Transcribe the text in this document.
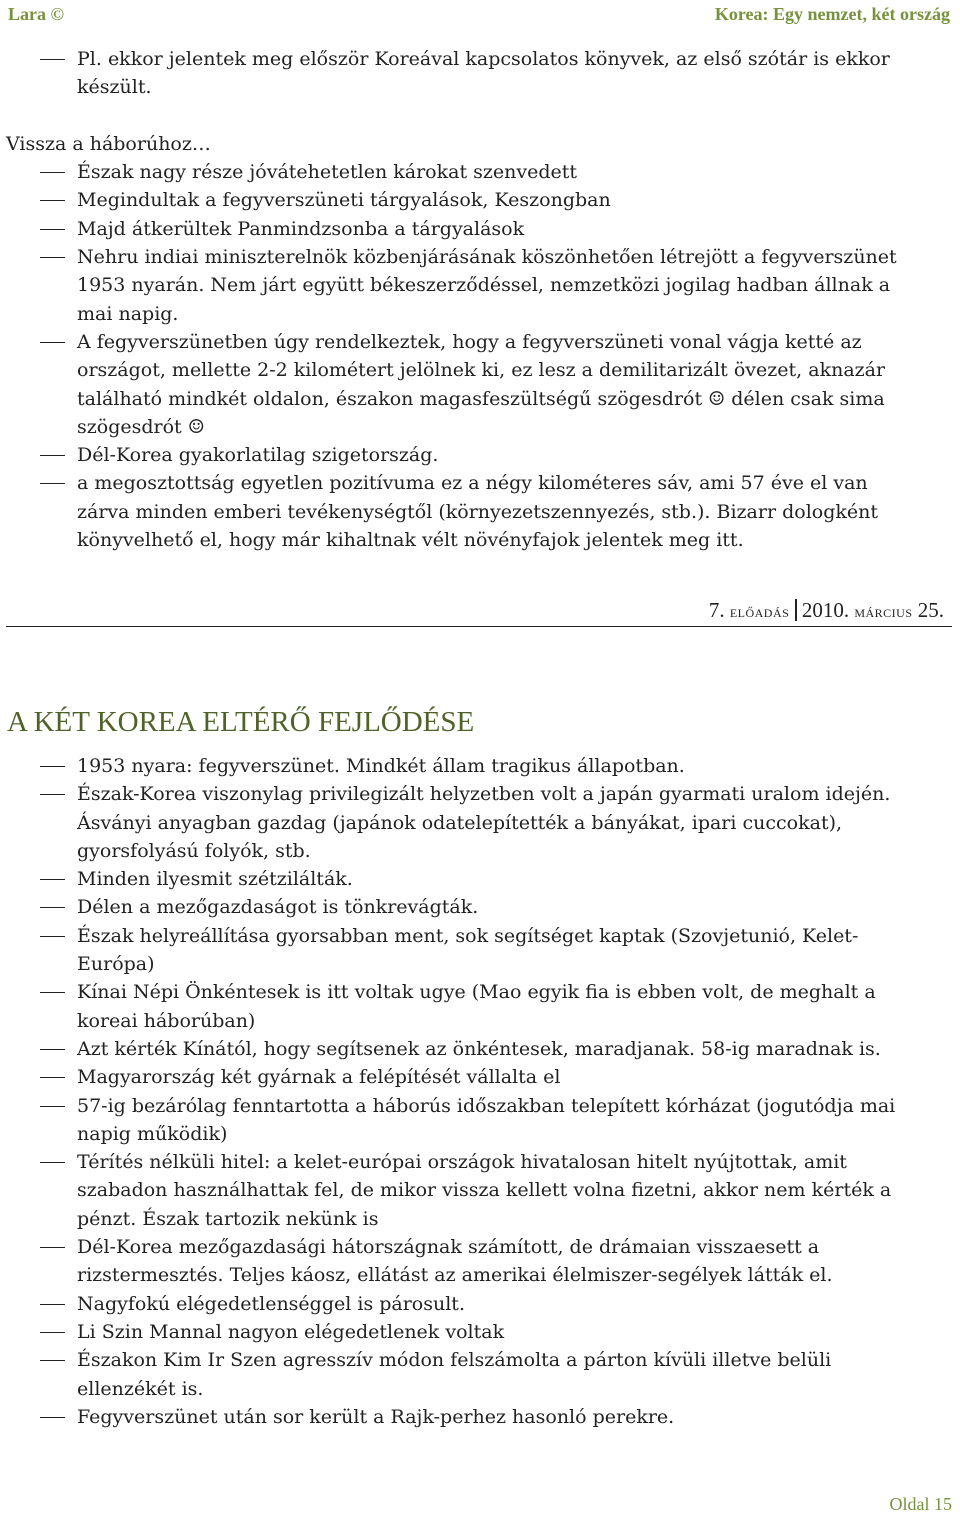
Lara ©	Korea: Egy nemzet, két ország
Pl. ekkor jelentek meg először Koreával kapcsolatos könyvek, az első szótár is ekkor
készült.

Vissza a háborúhoz…
Észak nagy része jóvátehetetlen károkat szenvedett
Megindultak a fegyverszüneti tárgyalások, Keszongban
Majd átkerültek Panmindzsonba a tárgyalások
Nehru indiai miniszterelnök közbenjárásának köszönhetően létrejött a fegyverszünet
1953 nyarán. Nem járt együtt békeszerződéssel, nemzetközi jogilag hadban állnak a
mai napig.
A fegyverszünetben úgy rendelkeztek, hogy a fegyverszüneti vonal vágja ketté az
országot, mellette 2-2 kilométert jelölnek ki, ez lesz a demilitarizált övezet, aknazár
található mindkét oldalon, északon magasfeszültségű szögesdrót ☺ délen csak sima
szögesdrót ☺
Dél-Korea gyakorlatilag szigetország.
a megosztottság egyetlen pozitívuma ez a négy kilométeres sáv, ami 57 éve el van
zárva minden emberi tevékenységtől (környezetszennyezés, stb.). Bizarr dologként
könyvelhető el, hogy már kihaltnak vélt növényfajok jelentek meg itt.
7. ELŐADÁS 2010. MÁRCIUS 25.
A KÉT KOREA ELTÉRŐ FEJLŐDÉSE
1953 nyara: fegyverszünet. Mindkét állam tragikus állapotban.
Észak-Korea viszonylag privilegizált helyzetben volt a japán gyarmati uralom idején.
Ásványi anyagban gazdag (japánok odatelepítették a bányákat, ipari cuccokat),
gyorsfolyású folyók, stb.
Minden ilyesmit szétzilálták.
Délen a mezőgazdaságot is tönkrevágták.
Észak helyreállítása gyorsabban ment, sok segítséget kaptak (Szovjetunió, Kelet-
Európa)
Kínai Népi Önkéntesek is itt voltak ugye (Mao egyik fia is ebben volt, de meghalt a
koreai háborúban)
Azt kérték Kínától, hogy segítsenek az önkéntesek, maradjanak. 58-ig maradnak is.
Magyarország két gyárnak a felépítését vállalta el
57-ig bezárólag fenntartotta a háborús időszakban telepített kórházat (jogutódja mai
napig működik)
Térítés nélküli hitel: a kelet-európai országok hivatalosan hitelt nyújtottak, amit
szabadon használhattak fel, de mikor vissza kellett volna fizetni, akkor nem kérték a
pénzt. Észak tartozik nekünk is
Dél-Korea mezőgazdasági hátországnak számított, de drámaian visszaesett a
rizstermesztés. Teljes káosz, ellátást az amerikai élelmiszer-segélyek látták el.
Nagyfokú elégedetlenséggel is párosult.
Li Szin Mannal nagyon elégedetlenek voltak
Északon Kim Ir Szen agresszív módon felszámolta a párton kívüli illetve belüli
ellenzékét is.
Fegyverszünet után sor került a Rajk-perhez hasonló perekre.
Oldal 15
